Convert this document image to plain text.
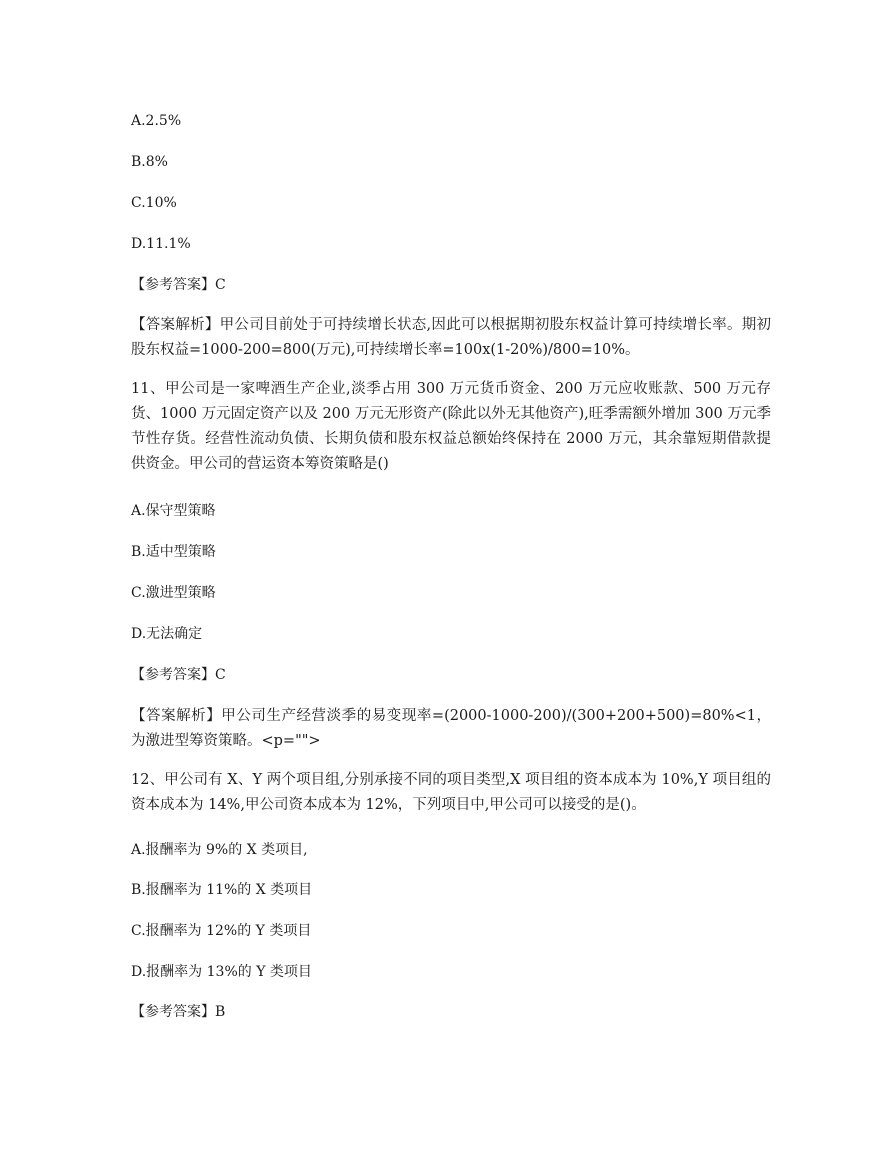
A.2.5%
B.8%
C.10%
D.11.1%
【参考答案】C
【答案解析】甲公司目前处于可持续增长状态,因此可以根据期初股东权益计算可持续增长率。期初股东权益=1000-200=800(万元),可持续增长率=100x(1-20%)/800=10%。
11、甲公司是一家啤酒生产企业,淡季占用 300 万元货币资金、200 万元应收账款、500 万元存货、1000 万元固定资产以及 200 万元无形资产(除此以外无其他资产),旺季需额外增加 300 万元季节性存货。经营性流动负债、长期负债和股东权益总额始终保持在 2000 万元，其余靠短期借款提供资金。甲公司的营运资本筹资策略是()
A.保守型策略
B.适中型策略
C.激进型策略
D.无法确定
【参考答案】C
【答案解析】甲公司生产经营淡季的易变现率=(2000-1000-200)/(300+200+500)=80%<1，为激进型筹资策略。<p="">
12、甲公司有 X、Y 两个项目组,分别承接不同的项目类型,X 项目组的资本成本为 10%,Y 项目组的资本成本为 14%,甲公司资本成本为 12%，下列项目中,甲公司可以接受的是()。
A.报酬率为 9%的 X 类项目,
B.报酬率为 11%的 X 类项目
C.报酬率为 12%的 Y 类项目
D.报酬率为 13%的 Y 类项目
【参考答案】B
